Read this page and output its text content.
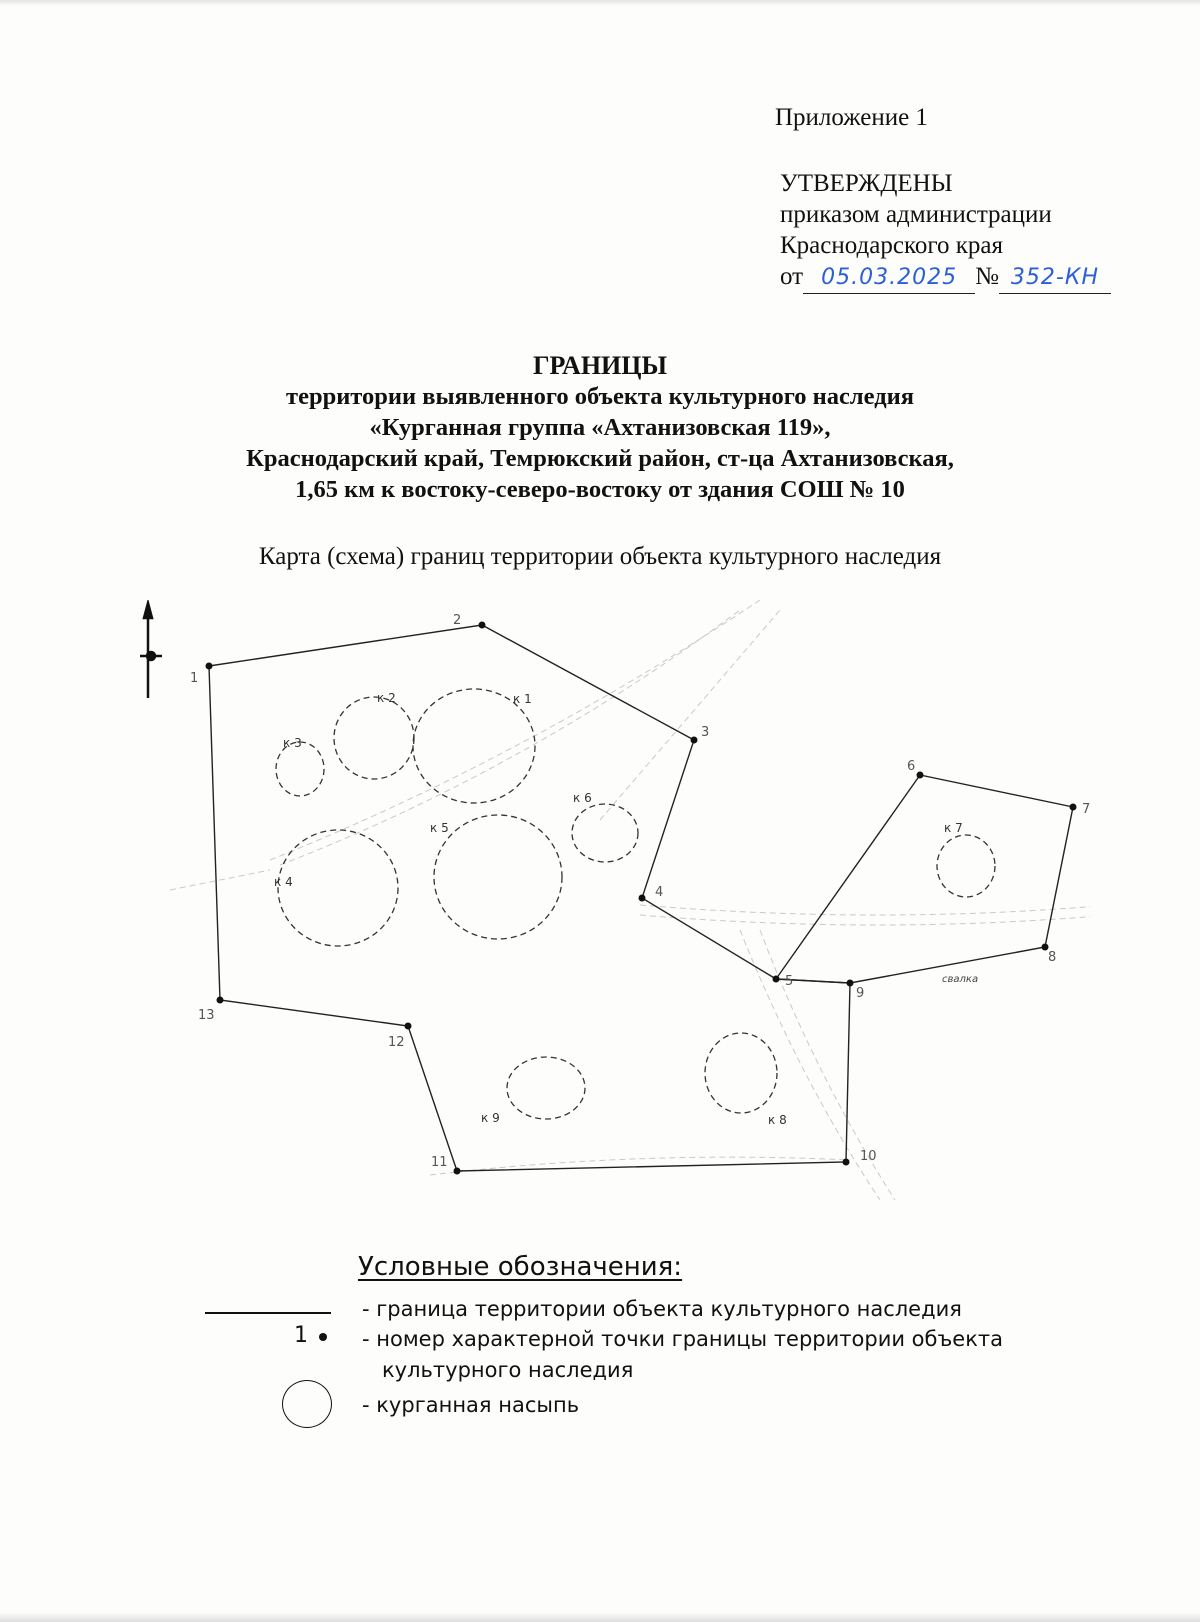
Приложение 1
УТВЕРЖДЕНЫ
приказом администрации
Краснодарского края
от 05.03.2025 № 352-КН
ГРАНИЦЫ
территории выявленного объекта культурного наследия
«Курганная группа «Ахтанизовская 119»,
Краснодарский край, Темрюкский район, ст-ца Ахтанизовская,
1,65 км к востоку-северо-востоку от здания СОШ № 10
Карта (схема) границ территории объекта культурного наследия
1
2
3
4
5
6
7
8
9
10
11
12
13
к 1
к 2
к 3
к 4
к 5
к 6
к 7
к 8
к 9
свалка
Условные обозначения:
- граница территории объекта культурного наследия
1	- номер характерной точки границы территории объекта
культурного наследия
- курганная насыпь
